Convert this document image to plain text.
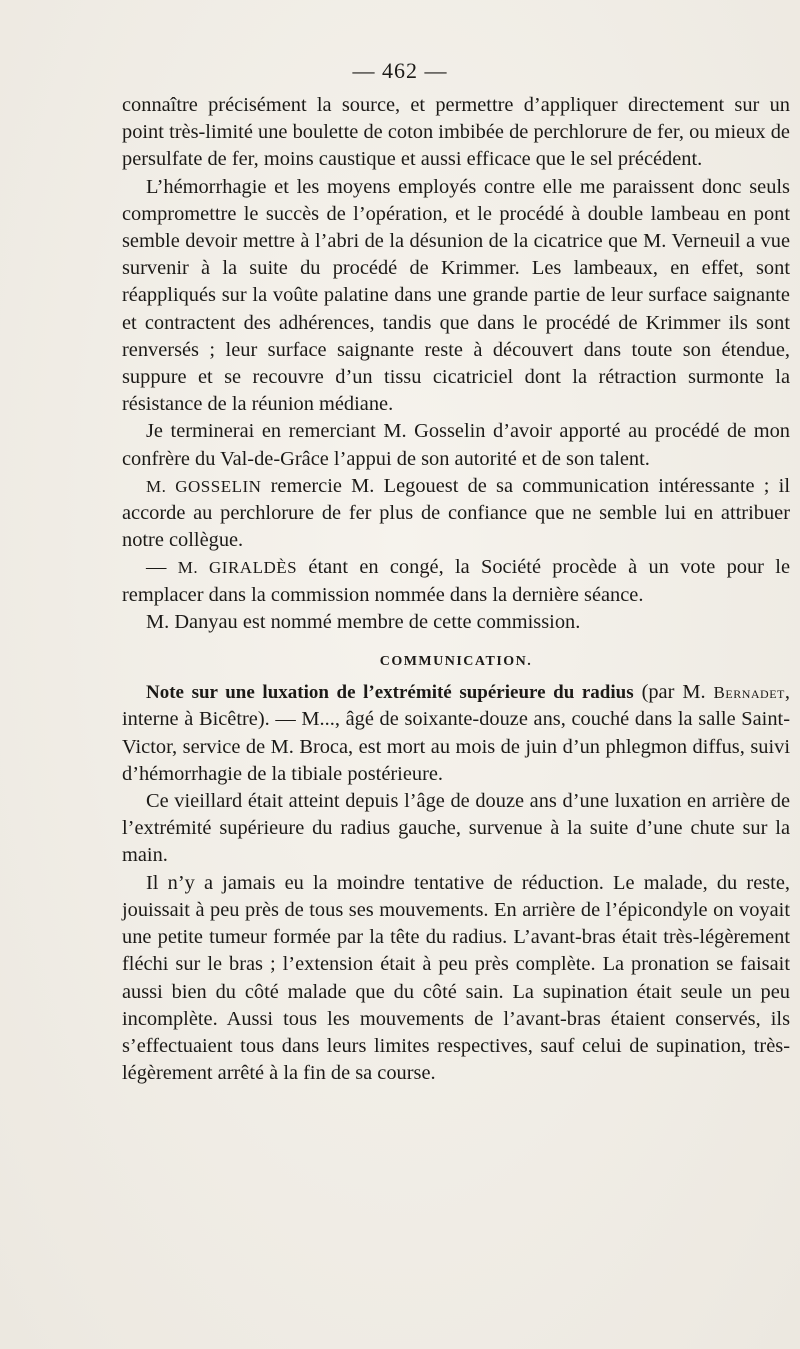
— 462 —

connaître précisément la source, et permettre d’appliquer directement sur un point très-limité une boulette de coton imbibée de perchlorure de fer, ou mieux de persulfate de fer, moins caustique et aussi efficace que le sel précédent.

L’hémorrhagie et les moyens employés contre elle me paraissent donc seuls compromettre le succès de l’opération, et le procédé à double lambeau en pont semble devoir mettre à l’abri de la désunion de la cicatrice que M. Verneuil a vue survenir à la suite du procédé de Krimmer. Les lambeaux, en effet, sont réappliqués sur la voûte palatine dans une grande partie de leur surface saignante et contractent des adhérences, tandis que dans le procédé de Krimmer ils sont renversés ; leur surface saignante reste à découvert dans toute son étendue, suppure et se recouvre d’un tissu cicatriciel dont la rétraction surmonte la résistance de la réunion médiane.

Je terminerai en remerciant M. Gosselin d’avoir apporté au procédé de mon confrère du Val-de-Grâce l’appui de son autorité et de son talent.

M. GOSSELIN remercie M. Legouest de sa communication intéressante ; il accorde au perchlorure de fer plus de confiance que ne semble lui en attribuer notre collègue.

— M. GIRALDÈS étant en congé, la Société procède à un vote pour le remplacer dans la commission nommée dans la dernière séance.

M. Danyau est nommé membre de cette commission.

COMMUNICATION.

Note sur une luxation de l’extrémité supérieure du radius (par M. Bernadet, interne à Bicêtre). — M..., âgé de soixante-douze ans, couché dans la salle Saint-Victor, service de M. Broca, est mort au mois de juin d’un phlegmon diffus, suivi d’hémorrhagie de la tibiale postérieure.

Ce vieillard était atteint depuis l’âge de douze ans d’une luxation en arrière de l’extrémité supérieure du radius gauche, survenue à la suite d’une chute sur la main.

Il n’y a jamais eu la moindre tentative de réduction. Le malade, du reste, jouissait à peu près de tous ses mouvements. En arrière de l’épicondyle on voyait une petite tumeur formée par la tête du radius. L’avant-bras était très-légèrement fléchi sur le bras ; l’extension était à peu près complète. La pronation se faisait aussi bien du côté malade que du côté sain. La supination était seule un peu incomplète. Aussi tous les mouvements de l’avant-bras étaient conservés, ils s’effectuaient tous dans leurs limites respectives, sauf celui de supination, très-légèrement arrêté à la fin de sa course.
